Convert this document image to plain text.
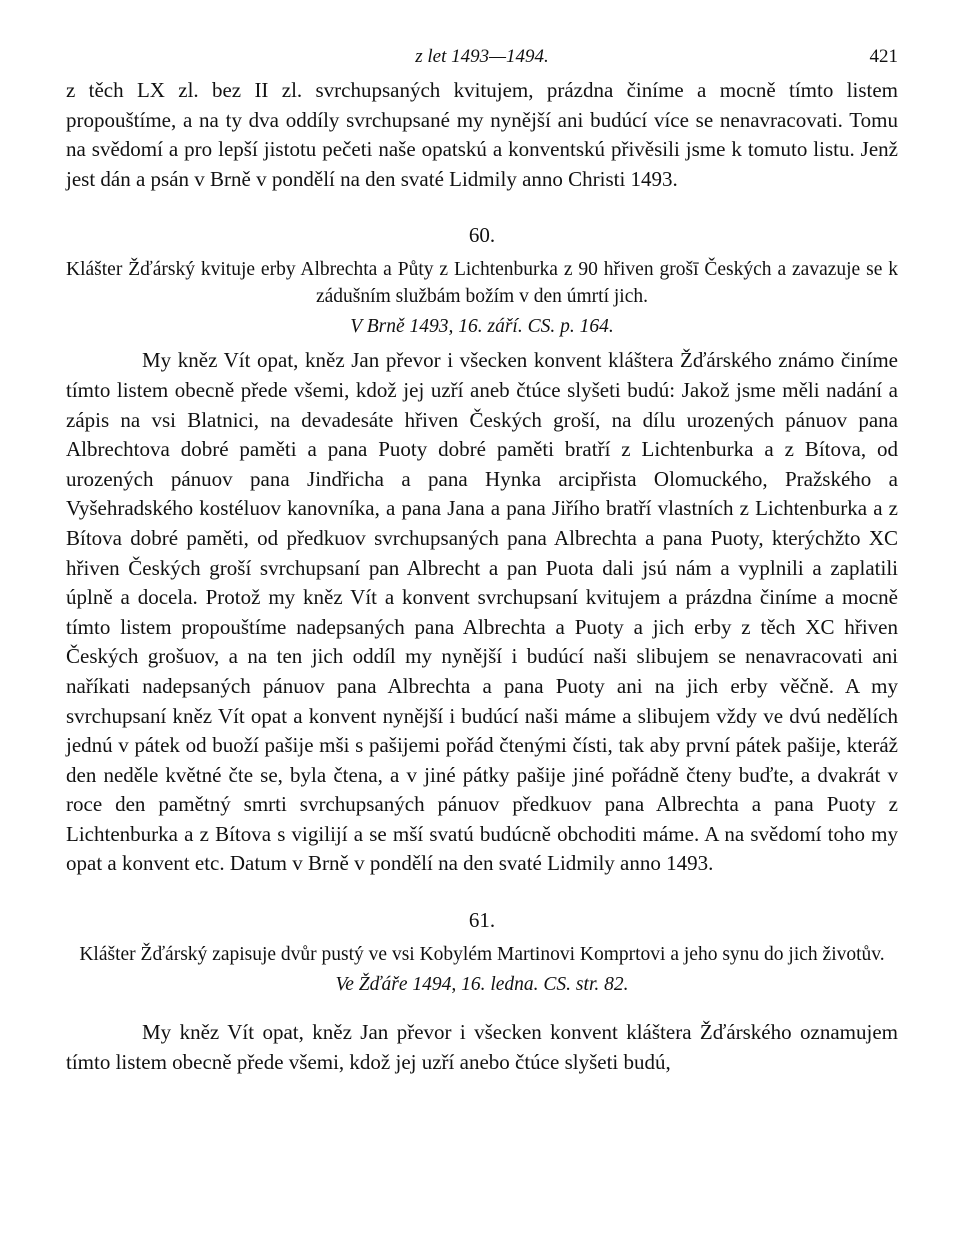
z let 1493—1494.	421

z těch LX zl. bez II zl. svrchupsaných kvitujem, prázdna činíme a mocně tímto listem propouštíme, a na ty dva oddíly svrchupsané my nynější ani budúcí více se nenavracovati. Tomu na svědomí a pro lepší jistotu pečeti naše opatskú a konventskú přivěsili jsme k tomuto listu. Jenž jest dán a psán v Brně v pondělí na den svaté Lidmily anno Christi 1493.

60.

Klášter Žďárský kvituje erby Albrechta a Půty z Lichtenburka z 90 hřiven grošī Českých a zavazuje se k zádušním službám božím v den úmrtí jich.

V Brně 1493, 16. září. CS. p. 164.

My kněz Vít opat, kněz Jan převor i všecken konvent kláštera Žďárského známo činíme tímto listem obecně přede všemi, kdož jej uzří aneb čtúce slyšeti budú: Jakož jsme měli nadání a zápis na vsi Blatnici, na devadesáte hřiven Českých groší, na dílu urozených pánuov pana Albrechtova dobré paměti a pana Puoty dobré paměti bratří z Lichtenburka a z Bítova, od urozených pánuov pana Jindřicha a pana Hynka arcipřista Olomuckého, Pražského a Vyšehradského kostéluov kanovníka, a pana Jana a pana Jiřího bratří vlastních z Lichtenburka a z Bítova dobré paměti, od předkuov svrchupsaných pana Albrechta a pana Puoty, kterýchžto XC hřiven Českých groší svrchupsaní pan Albrecht a pan Puota dali jsú nám a vyplnili a zaplatili úplně a docela. Protož my kněz Vít a konvent svrchupsaní kvitujem a prázdna činíme a mocně tímto listem propouštíme nadepsaných pana Albrechta a Puoty a jich erby z těch XC hřiven Českých grošuov, a na ten jich oddíl my nynější i budúcí naši slibujem se nenavracovati ani naříkati nadepsaných pánuov pana Albrechta a pana Puoty ani na jich erby věčně. A my svrchupsaní kněz Vít opat a konvent nynější i budúcí naši máme a slibujem vždy ve dvú nedělích jednú v pátek od buoží pašije mši s pašijemi pořád čtenými čísti, tak aby první pátek pašije, kteráž den neděle květné čte se, byla čtena, a v jiné pátky pašije jiné pořádně čteny buďte, a dvakrát v roce den pamětný smrti svrchupsaných pánuov předkuov pana Albrechta a pana Puoty z Lichtenburka a z Bítova s vigilijí a se mší svatú budúcně obchoditi máme. A na svědomí toho my opat a konvent etc. Datum v Brně v pondělí na den svaté Lidmily anno 1493.

61.

Klášter Žďárský zapisuje dvůr pustý ve vsi Kobylém Martinovi Komprtovi a jeho synu do jich životův.

Ve Žďáře 1494, 16. ledna. CS. str. 82.

My kněz Vít opat, kněz Jan převor i všecken konvent kláštera Žďárského oznamujem tímto listem obecně přede všemi, kdož jej uzří anebo čtúce slyšeti budú,
